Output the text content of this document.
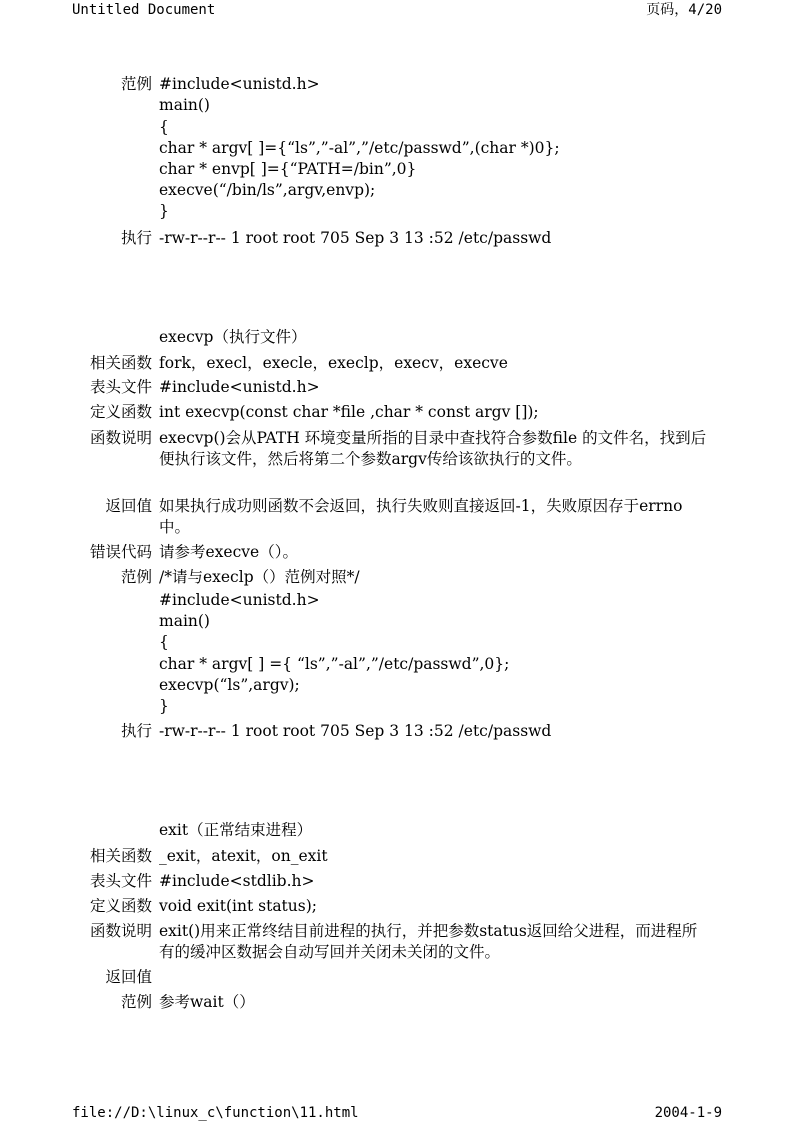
Untitled Document	页码，4/20
范例 #include<unistd.h>
main()
{
char * argv[ ]={“ls”,”-al”,”/etc/passwd”,(char *)0};
char * envp[ ]={“PATH=/bin”,0}
execve(“/bin/ls”,argv,envp);
}
执行 -rw-r--r-- 1 root root 705 Sep 3 13 :52 /etc/passwd
execvp（执行文件）
相关函数 fork，execl，execle，execlp，execv，execve
表头文件 #include<unistd.h>
定义函数 int execvp(const char *file ,char * const argv []);
函数说明 execvp()会从PATH 环境变量所指的目录中查找符合参数file 的文件名，找到后便执行该文件，然后将第二个参数argv传给该欲执行的文件。
返回值 如果执行成功则函数不会返回，执行失败则直接返回-1，失败原因存于errno中。
错误代码 请参考execve（）。
范例 /*请与execlp（）范例对照*/
#include<unistd.h>
main()
{
char * argv[ ] ={ “ls”,”-al”,”/etc/passwd”,0};
execvp(“ls”,argv);
}
执行 -rw-r--r-- 1 root root 705 Sep 3 13 :52 /etc/passwd
exit（正常结束进程）
相关函数 _exit，atexit，on_exit
表头文件 #include<stdlib.h>
定义函数 void exit(int status);
函数说明 exit()用来正常终结目前进程的执行，并把参数status返回给父进程，而进程所有的缓冲区数据会自动写回并关闭未关闭的文件。
返回值
范例 参考wait（）
file://D:\linux_c\function\11.html	2004-1-9
